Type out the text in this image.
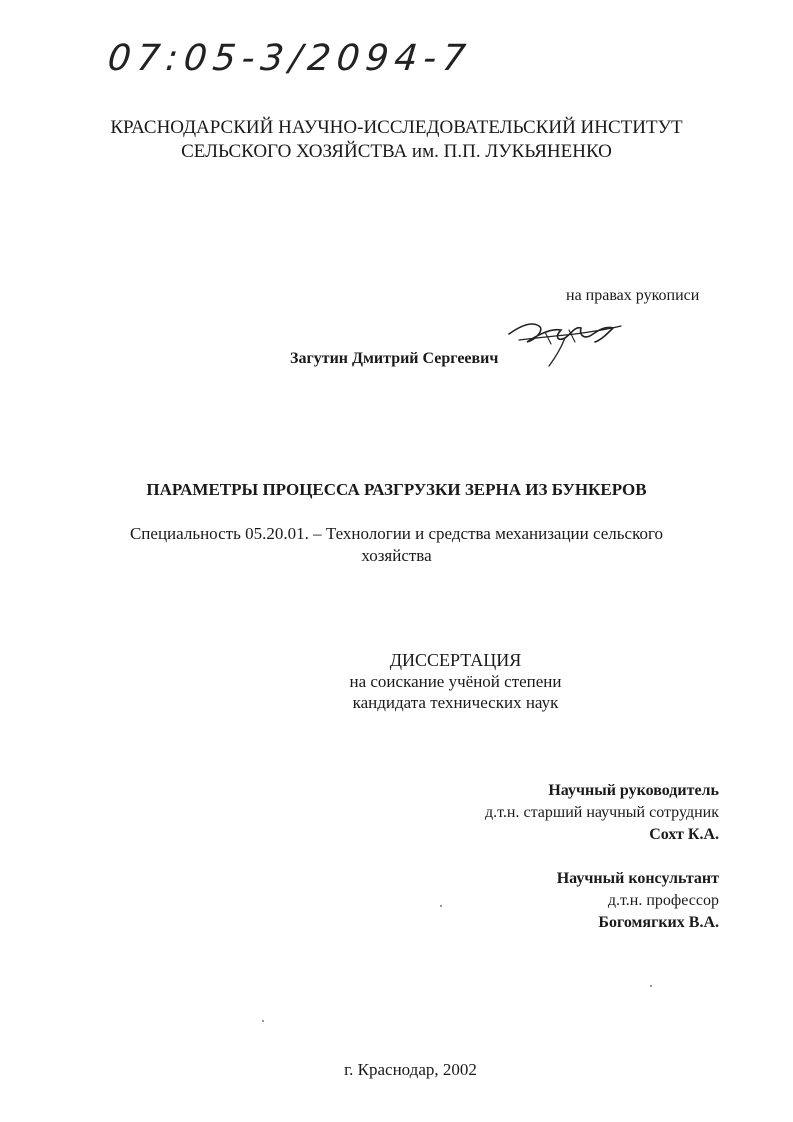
07:05-3/2094-7
КРАСНОДАРСКИЙ НАУЧНО-ИССЛЕДОВАТЕЛЬСКИЙ ИНСТИТУТ
СЕЛЬСКОГО ХОЗЯЙСТВА им. П.П. ЛУКЬЯНЕНКО
на правах рукописи
Загутин Дмитрий Сергеевич
ПАРАМЕТРЫ ПРОЦЕССА РАЗГРУЗКИ ЗЕРНА ИЗ БУНКЕРОВ
Специальность 05.20.01. – Технологии и средства механизации сельского
хозяйства
ДИССЕРТАЦИЯ
на соискание учёной степени
кандидата технических наук
Научный руководитель
д.т.н. старший научный сотрудник
Сохт К.А.
Научный консультант
д.т.н. профессор
Богомягких В.А.
г. Краснодар, 2002
